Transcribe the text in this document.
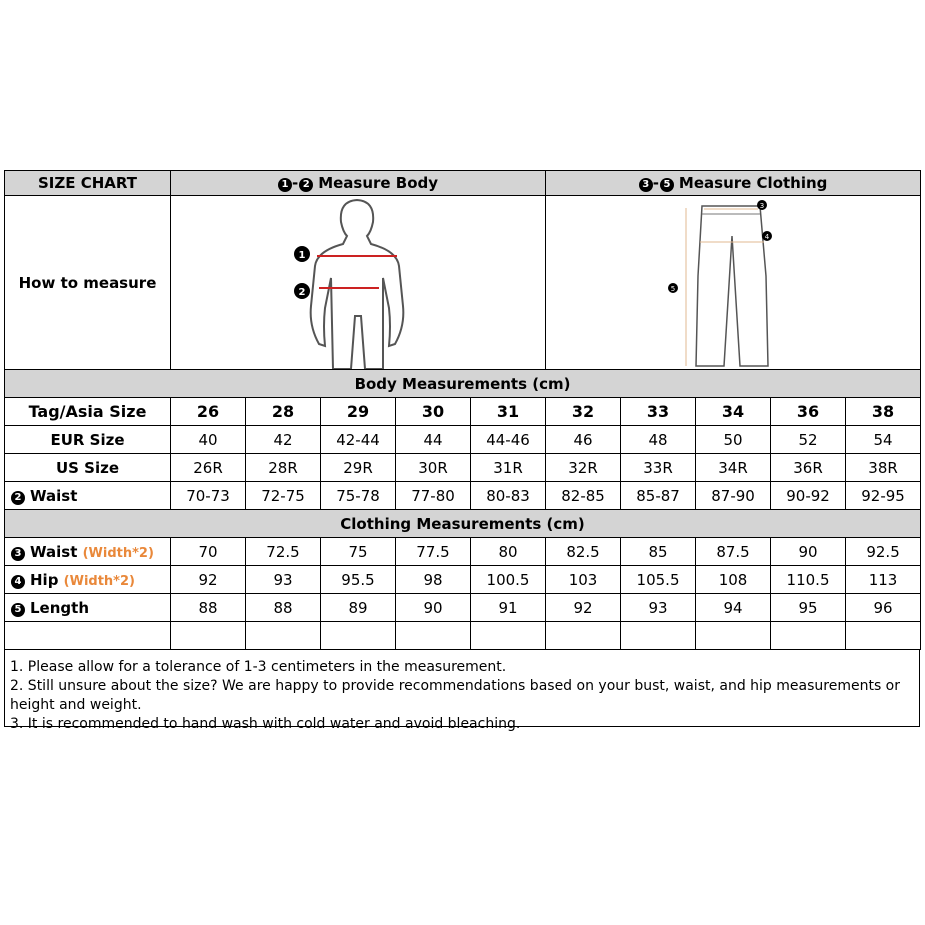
SIZE CHART	1 - 2 Measure Body					3 - 5 Measure Clothing				
How to measure	1
2					3
4
5				

Body Measurements (cm)										
Tag/Asia Size	26	28	29	30	31	32	33	34	36	38
EUR Size	40	42	42-44	44	44-46	46	48	50	52	54
US Size	26R	28R	29R	30R	31R	32R	33R	34R	36R	38R
2 Waist	70-73	72-75	75-78	77-80	80-83	82-85	85-87	87-90	90-92	92-95
Clothing Measurements (cm)										
3 Waist (Width*2)	70	72.5	75	77.5	80	82.5	85	87.5	90	92.5
4 Hip (Width*2)	92	93	95.5	98	100.5	103	105.5	108	110.5	113
5 Length	88	88	89	90	91	92	93	94	95	96

1. Please allow for a tolerance of 1-3 centimeters in the measurement.
2. Still unsure about the size? We are happy to provide recommendations based on your bust, waist, and hip measurements or height and weight.
3. It is recommended to hand wash with cold water and avoid bleaching.
